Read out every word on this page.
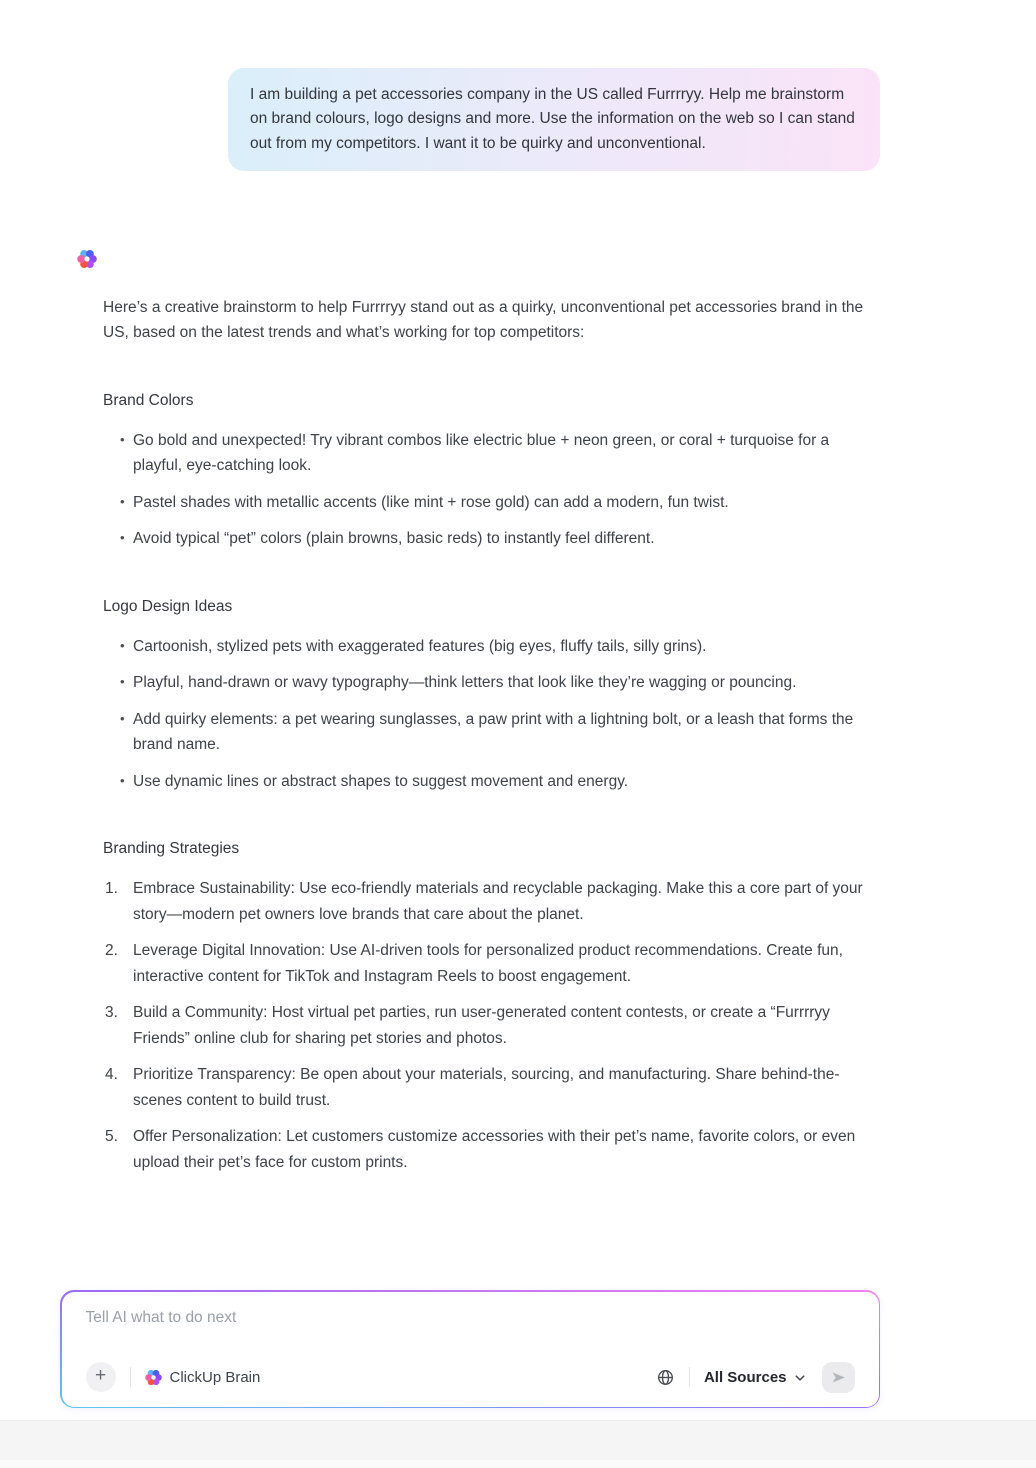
I am building a pet accessories company in the US called Furrrryy. Help me brainstorm on brand colours, logo designs and more. Use the information on the web so I can stand out from my competitors. I want it to be quirky and unconventional.

Here’s a creative brainstorm to help Furrrryy stand out as a quirky, unconventional pet accessories brand in the US, based on the latest trends and what’s working for top competitors:

Brand Colors
• Go bold and unexpected! Try vibrant combos like electric blue + neon green, or coral + turquoise for a playful, eye-catching look.
• Pastel shades with metallic accents (like mint + rose gold) can add a modern, fun twist.
• Avoid typical “pet” colors (plain browns, basic reds) to instantly feel different.
Logo Design Ideas
• Cartoonish, stylized pets with exaggerated features (big eyes, fluffy tails, silly grins).
• Playful, hand-drawn or wavy typography—think letters that look like they’re wagging or pouncing.
• Add quirky elements: a pet wearing sunglasses, a paw print with a lightning bolt, or a leash that forms the brand name.
• Use dynamic lines or abstract shapes to suggest movement and energy.
Branding Strategies
Embrace Sustainability: Use eco-friendly materials and recyclable packaging. Make this a core part of your story—modern pet owners love brands that care about the planet.
Leverage Digital Innovation: Use AI-driven tools for personalized product recommendations. Create fun, interactive content for TikTok and Instagram Reels to boost engagement.
Build a Community: Host virtual pet parties, run user-generated content contests, or create a “Furrrryy Friends” online club for sharing pet stories and photos.
Prioritize Transparency: Be open about your materials, sourcing, and manufacturing. Share behind-the-scenes content to build trust.
Offer Personalization: Let customers customize accessories with their pet’s name, favorite colors, or even upload their pet’s face for custom prints.
Tell AI what to do next
+	ClickUp Brain	All Sources
